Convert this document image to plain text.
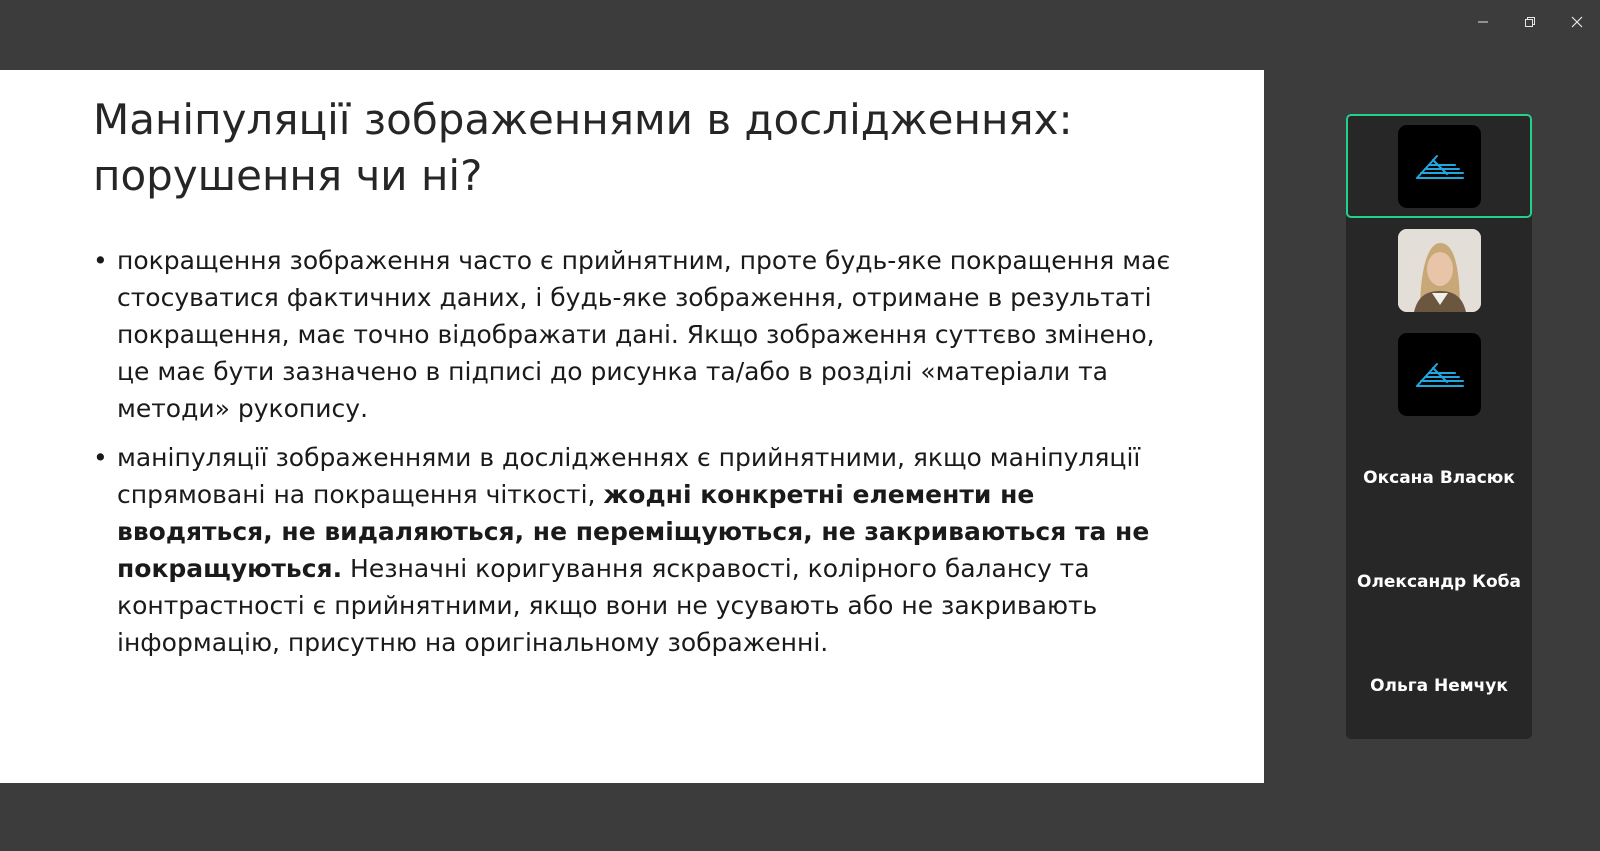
Маніпуляції зображеннями в дослідженнях:
порушення чи ні?
• покращення зображення часто є прийнятним, проте будь-яке покращення має стосуватися фактичних даних, і будь-яке зображення, отримане в результаті покращення, має точно відображати дані. Якщо зображення суттєво змінено, це має бути зазначено в підписі до рисунка та/або в розділі «матеріали та методи» рукопису.
• маніпуляції зображеннями в дослідженнях є прийнятними, якщо маніпуляції спрямовані на покращення чіткості, жодні конкретні елементи не вводяться, не видаляються, не переміщуються, не закриваються та не покращуються. Незначні коригування яскравості, колірного балансу та контрастності є прийнятними, якщо вони не усувають або не закривають інформацію, присутню на оригінальному зображенні.
Оксана Власюк
Олександр Коба
Ольга Немчук
